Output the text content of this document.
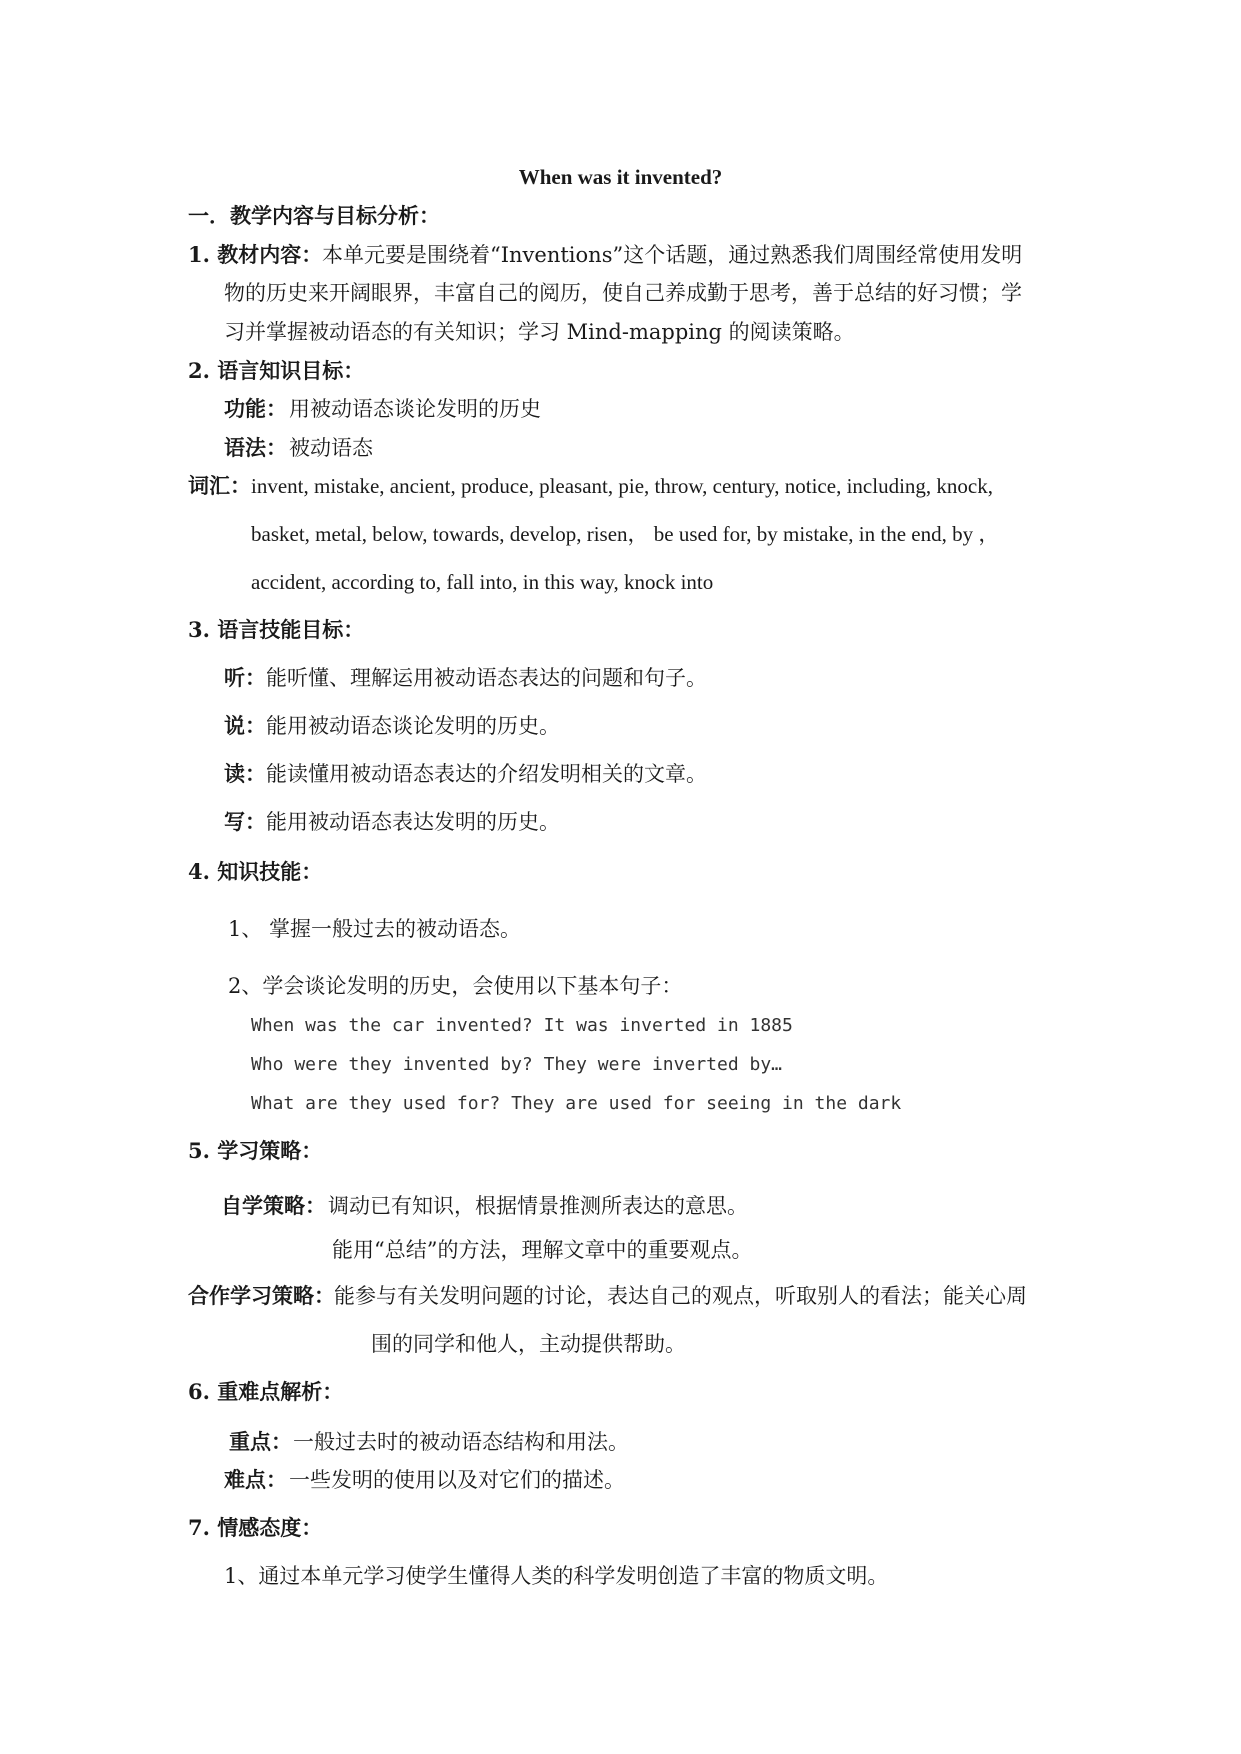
When was it invented?
一．教学内容与目标分析：
1. 教材内容： 本单元要是围绕着“Inventions”这个话题，通过熟悉我们周围经常使用发明
物的历史来开阔眼界，丰富自己的阅历，使自己养成勤于思考，善于总结的好习惯；学
习并掌握被动语态的有关知识；学习 Mind-mapping 的阅读策略。
2. 语言知识目标：
功能： 用被动语态谈论发明的历史
语法： 被动语态
词汇： invent, mistake, ancient, produce, pleasant, pie, throw, century, notice, including, knock,
basket, metal, below, towards, develop, risen， be used for, by mistake, in the end, by ，
accident, according to, fall into, in this way, knock into
3. 语言技能目标：
听： 能听懂、理解运用被动语态表达的问题和句子。
说： 能用被动语态谈论发明的历史。
读： 能读懂用被动语态表达的介绍发明相关的文章。
写： 能用被动语态表达发明的历史。
4. 知识技能：
1、 掌握一般过去的被动语态。
2、学会谈论发明的历史，会使用以下基本句子：
When was the car invented? It was inverted in 1885
Who were they invented by? They were inverted by…
What are they used for? They are used for seeing in the dark
5. 学习策略：
自学策略： 调动已有知识，根据情景推测所表达的意思。
能用“总结”的方法，理解文章中的重要观点。
合作学习策略： 能参与有关发明问题的讨论，表达自己的观点，听取别人的看法；能关心周
围的同学和他人，主动提供帮助。
6. 重难点解析：
重点： 一般过去时的被动语态结构和用法。
难点： 一些发明的使用以及对它们的描述。
7. 情感态度：
1、通过本单元学习使学生懂得人类的科学发明创造了丰富的物质文明。
